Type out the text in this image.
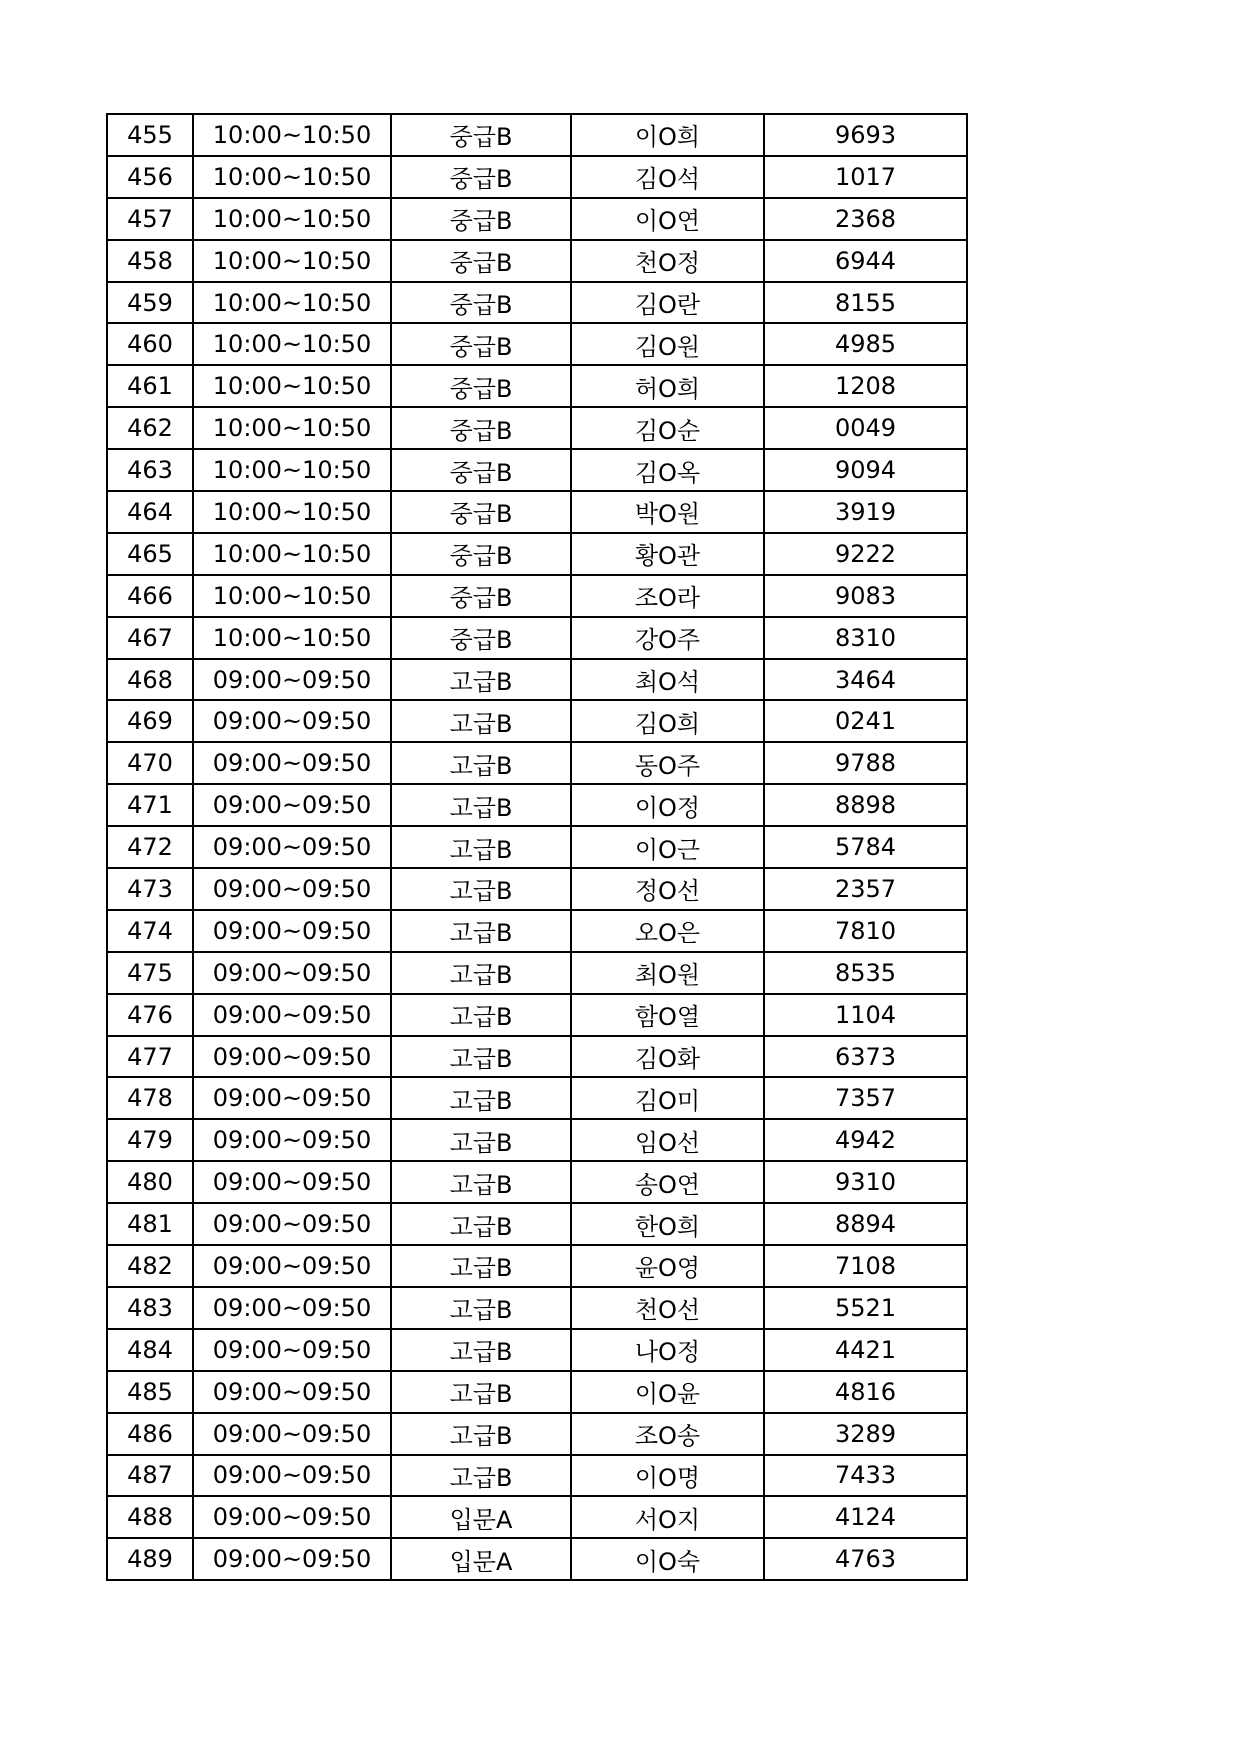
455	10:00~10:50	중급B	이O희	9693
456	10:00~10:50	중급B	김O석	1017
457	10:00~10:50	중급B	이O연	2368
458	10:00~10:50	중급B	천O정	6944
459	10:00~10:50	중급B	김O란	8155
460	10:00~10:50	중급B	김O원	4985
461	10:00~10:50	중급B	허O희	1208
462	10:00~10:50	중급B	김O순	0049
463	10:00~10:50	중급B	김O옥	9094
464	10:00~10:50	중급B	박O원	3919
465	10:00~10:50	중급B	황O관	9222
466	10:00~10:50	중급B	조O라	9083
467	10:00~10:50	중급B	강O주	8310
468	09:00~09:50	고급B	최O석	3464
469	09:00~09:50	고급B	김O희	0241
470	09:00~09:50	고급B	동O주	9788
471	09:00~09:50	고급B	이O정	8898
472	09:00~09:50	고급B	이O근	5784
473	09:00~09:50	고급B	정O선	2357
474	09:00~09:50	고급B	오O은	7810
475	09:00~09:50	고급B	최O원	8535
476	09:00~09:50	고급B	함O열	1104
477	09:00~09:50	고급B	김O화	6373
478	09:00~09:50	고급B	김O미	7357
479	09:00~09:50	고급B	임O선	4942
480	09:00~09:50	고급B	송O연	9310
481	09:00~09:50	고급B	한O희	8894
482	09:00~09:50	고급B	윤O영	7108
483	09:00~09:50	고급B	천O선	5521
484	09:00~09:50	고급B	나O정	4421
485	09:00~09:50	고급B	이O윤	4816
486	09:00~09:50	고급B	조O송	3289
487	09:00~09:50	고급B	이O명	7433
488	09:00~09:50	입문A	서O지	4124
489	09:00~09:50	입문A	이O숙	4763
